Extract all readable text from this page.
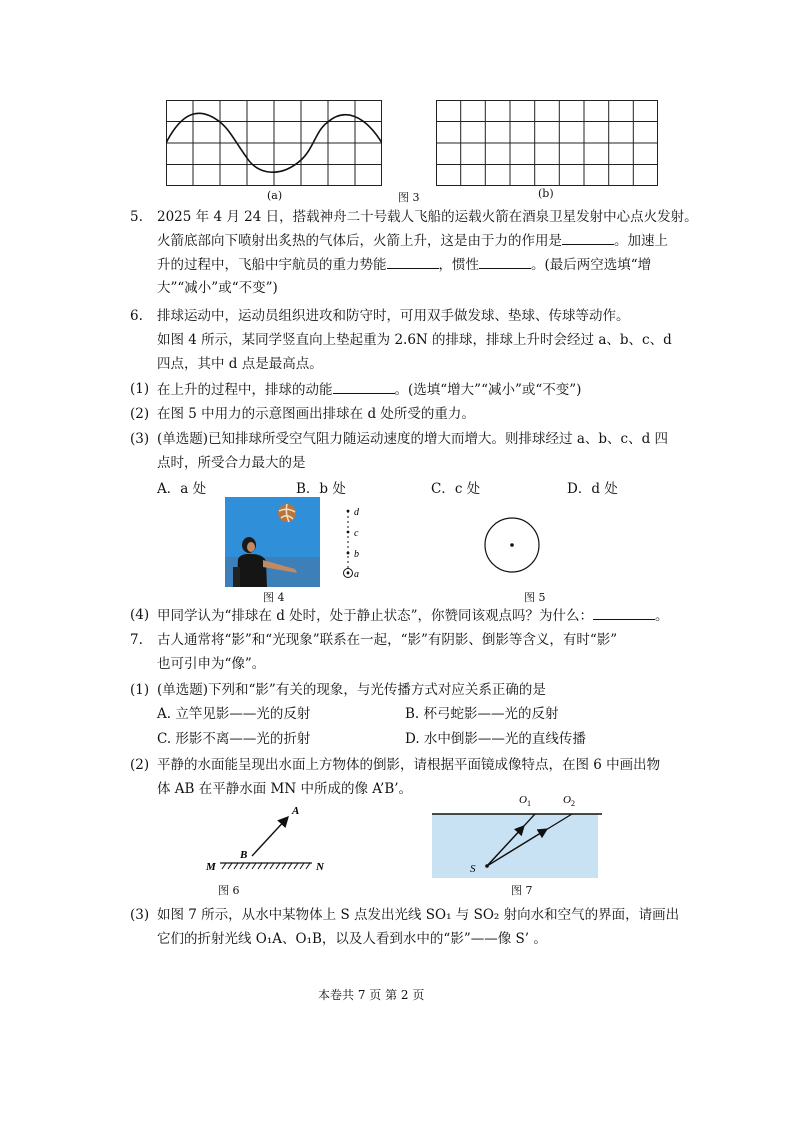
(a)	图 3	(b)
5. 2025 年 4 月 24 日，搭载神舟二十号载人飞船的运载火箭在酒泉卫星发射中心点火发射。
火箭底部向下喷射出炙热的气体后，火箭上升，这是由于力的作用是	。加速上
升的过程中，飞船中宇航员的重力势能	，惯性	。(最后两空选填“增
大”“减小”或“不变”)
6. 排球运动中，运动员组织进攻和防守时，可用双手做发球、垫球、传球等动作。
如图 4 所示，某同学竖直向上垫起重为 2.6N 的排球，排球上升时会经过 a、b、c、d
四点，其中 d 点是最高点。
(1) 在上升的过程中，排球的动能	。(选填“增大”“减小”或“不变”)
(2) 在图 5 中用力的示意图画出排球在 d 处所受的重力。
(3) (单选题)已知排球所受空气阻力随运动速度的增大而增大。则排球经过 a、b、c、d 四
点时，所受合力最大的是
A．a 处	B．b 处	C．c 处	D．d 处
d
c
b
a
图 4	图 5
(4) 甲同学认为“排球在 d 处时，处于静止状态”，你赞同该观点吗？为什么：	。
7. 古人通常将“影”和“光现象”联系在一起，“影”有阴影、倒影等含义，有时“影”
也可引申为“像”。
(1) (单选题)下列和“影”有关的现象，与光传播方式对应关系正确的是
A. 立竿见影——光的反射	B. 杯弓蛇影——光的反射
C. 形影不离——光的折射	D. 水中倒影——光的直线传播
(2) 平静的水面能呈现出水面上方物体的倒影，请根据平面镜成像特点，在图 6 中画出物
体 AB 在平静水面 MN 中所成的像 A’B’。
A
B
M	N
图 6
S
O 1	O 2
图 7
(3) 如图 7 所示，从水中某物体上 S 点发出光线 SO₁ 与 SO₂ 射向水和空气的界面，请画出
它们的折射光线 O₁A、O₁B，以及人看到水中的“影”——像 S’ 。
本卷共 7 页 第 2 页
